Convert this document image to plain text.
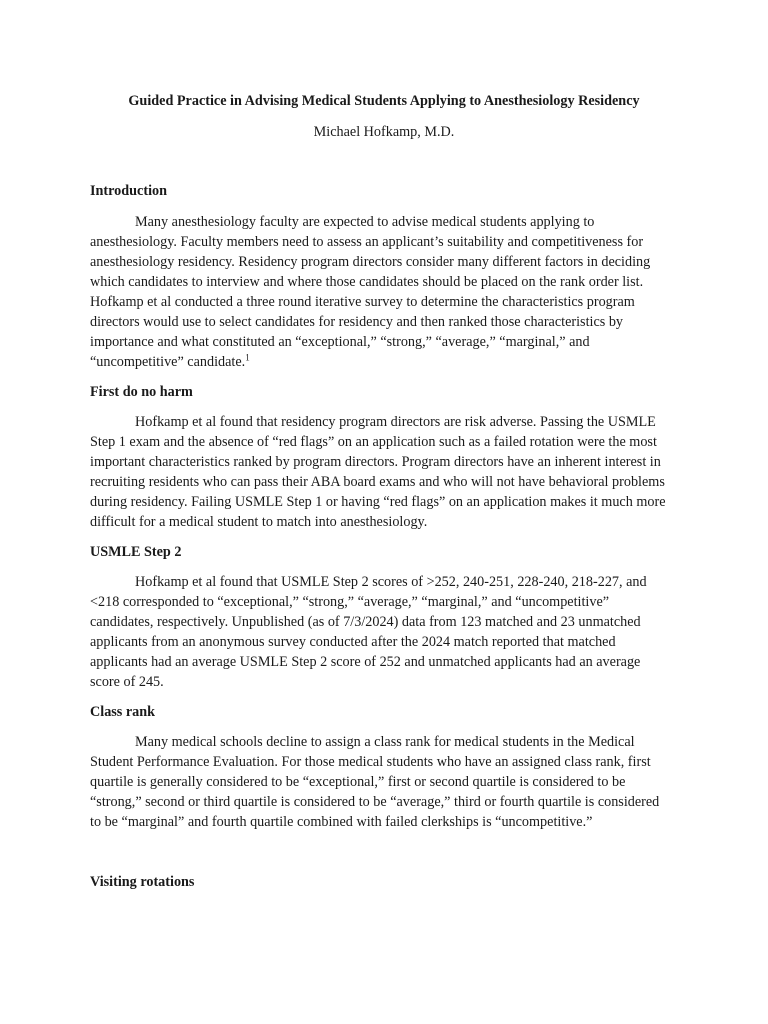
Guided Practice in Advising Medical Students Applying to Anesthesiology Residency
Michael Hofkamp, M.D.
Introduction
Many anesthesiology faculty are expected to advise medical students applying to
anesthesiology. Faculty members need to assess an applicant’s suitability and competitiveness for
anesthesiology residency. Residency program directors consider many different factors in deciding
which candidates to interview and where those candidates should be placed on the rank order list.
Hofkamp et al conducted a three round iterative survey to determine the characteristics program
directors would use to select candidates for residency and then ranked those characteristics by
importance and what constituted an “exceptional,” “strong,” “average,” “marginal,” and
“uncompetitive” candidate.$^1$
First do no harm
Hofkamp et al found that residency program directors are risk adverse. Passing the USMLE
Step 1 exam and the absence of “red flags” on an application such as a failed rotation were the most
important characteristics ranked by program directors. Program directors have an inherent interest in
recruiting residents who can pass their ABA board exams and who will not have behavioral problems
during residency. Failing USMLE Step 1 or having “red flags” on an application makes it much more
difficult for a medical student to match into anesthesiology.
USMLE Step 2
Hofkamp et al found that USMLE Step 2 scores of >252, 240-251, 228-240, 218-227, and
<218 corresponded to “exceptional,” “strong,” “average,” “marginal,” and “uncompetitive”
candidates, respectively. Unpublished (as of 7/3/2024) data from 123 matched and 23 unmatched
applicants from an anonymous survey conducted after the 2024 match reported that matched
applicants had an average USMLE Step 2 score of 252 and unmatched applicants had an average
score of 245.
Class rank
Many medical schools decline to assign a class rank for medical students in the Medical
Student Performance Evaluation. For those medical students who have an assigned class rank, first
quartile is generally considered to be “exceptional,” first or second quartile is considered to be
“strong,” second or third quartile is considered to be “average,” third or fourth quartile is considered
to be “marginal” and fourth quartile combined with failed clerkships is “uncompetitive.”
Visiting rotations
